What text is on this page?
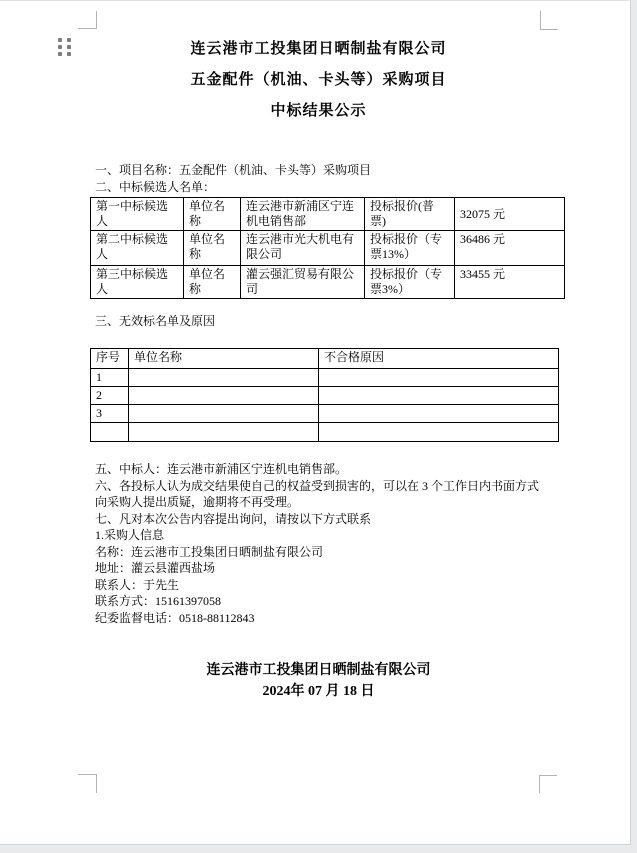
连云港市工投集团日晒制盐有限公司
五金配件（机油、卡头等）采购项目
中标结果公示
一、项目名称：五金配件（机油、卡头等）采购项目
二、中标候选人名单：
第一中标候选人	单位名称	连云港市新浦区宁连机电销售部	投标报价(普票)	32075 元
第二中标候选人	单位名称	连云港市光大机电有限公司	投标报价（专票13%）	36486 元
第三中标候选人	单位名称	灌云强汇贸易有限公司	投标报价（专票3%）	33455 元
三、无效标名单及原因
序号	单位名称	不合格原因
1		
2		
3		

五、中标人：连云港市新浦区宁连机电销售部。

六、各投标人认为成交结果使自己的权益受到损害的，可以在 3 个工作日内书面方式向采购人提出质疑，逾期将不再受理。

七、凡对本次公告内容提出询问，请按以下方式联系

1.采购人信息

名称：连云港市工投集团日晒制盐有限公司

地址：灌云县灌西盐场

联系人：于先生

联系方式：15161397058

纪委监督电话：0518-88112843

连云港市工投集团日晒制盐有限公司
2024年 07 月 18 日
